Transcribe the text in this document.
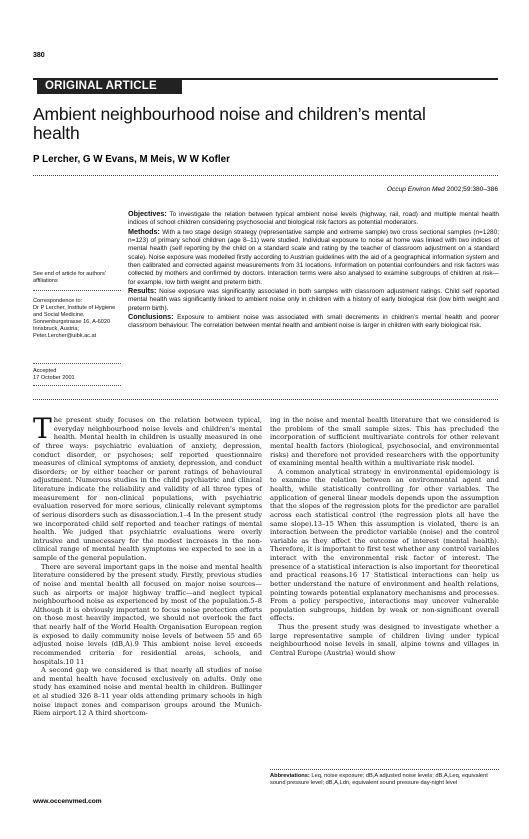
380
ORIGINAL ARTICLE
Ambient neighbourhood noise and children’s mental health
P Lercher, G W Evans, M Meis, W W Kofler
Occup Environ Med 2002;59:380–386

Objectives: To investigate the relation between typical ambient noise levels (highway, rail, road) and multiple mental health indices of school children considering psychosocial and biological risk factors as potential moderators.

Methods: With a two stage design strategy (representative sample and extreme sample) two cross sectional samples (n=1280; n=123) of primary school children (age 8–11) were studied. Individual exposure to noise at home was linked with two indices of mental health (self reporting by the child on a standard scale and rating by the teacher of classroom adjustment on a standard scale). Noise exposure was modelled firstly according to Austrian guidelines with the aid of a geographical information system and then calibrated and corrected against measurements from 31 locations. Information on potential confounders and risk factors was collected by mothers and confirmed by doctors. Interaction terms were also analysed to examine subgroups of children at risk—for example, low birth weight and preterm birth.

Results: Noise exposure was significantly associated in both samples with classroom adjustment ratings. Child self reported mental health was significantly linked to ambient noise only in children with a history of early biological risk (low birth weight and preterm birth).

Conclusions: Exposure to ambient noise was associated with small decrements in children’s mental health and poorer classroom behaviour. The correlation between mental health and ambient noise is larger in children with early biological risk.

See end of article for authors’ affiliations
Correspondence to:
Dr P Lercher, Institute of Hygiene and Social Medicine, Sonnenburgstrasse 16, A-6020 Innsbruck, Austria; Peter.Lercher@uibk.ac.at
Accepted
17 October 2001

The present study focuses on the relation between typical, everyday neighbourhood noise levels and children’s mental health. Mental health in children is usually measured in one of three ways: psychiatric evaluation of anxiety, depression, conduct disorder, or psychoses; self reported questionnaire measures of clinical symptoms of anxiety, depression, and conduct disorders; or by either teacher or parent ratings of behavioural adjustment. Numerous studies in the child psychiatric and clinical literature indicate the reliability and validity of all three types of measurement for non-clinical populations, with psychiatric evaluation reserved for more serious, clinically relevant symptoms of serious disorders such as disassociation.1–4 In the present study we incorporated child self reported and teacher ratings of mental health. We judged that psychiatric evaluations were overly intrusive and unnecessary for the modest increases in the non-clinical range of mental health symptoms we expected to see in a sample of the general population.

There are several important gaps in the noise and mental health literature considered by the present study. Firstly, previous studies of noise and mental health all focused on major noise sources—such as airports or major highway traffic—and neglect typical neighbourhood noise as experienced by most of the population.5–8 Although it is obviously important to focus noise protection efforts on those most heavily impacted, we should not overlook the fact that nearly half of the World Health Organisation European region is exposed to daily community noise levels of between 55 and 65 adjusted noise levels (dB,A).9 This ambient noise level exceeds recommended criteria for residential areas, schools, and hospitals.10 11

A second gap we considered is that nearly all studies of noise and mental health have focused exclusively on adults. Only one study has examined noise and mental health in children. Bullinger et al studied 326 8–11 year olds attending primary schools in high noise impact zones and comparison groups around the Munich-Riem airport.12 A third shortcom-

ing in the noise and mental health literature that we considered is the problem of the small sample sizes. This has precluded the incorporation of sufficient multivariate controls for other relevant mental health factors (biological, psychosocial, and environmental risks) and therefore not provided researchers with the opportunity of examining mental health within a multivariate risk model.

A common analytical strategy in environmental epidemiology is to examine the relation between an environmental agent and health, while statistically controlling for other variables. The application of general linear models depends upon the assumption that the slopes of the regression plots for the predictor are parallel across each statistical control (the regression plots all have the same slope).13–15 When this assumption is violated, there is an interaction between the predictor variable (noise) and the control variable as they affect the outcome of interest (mental health). Therefore, it is important to first test whether any control variables interact with the environmental risk factor of interest. The presence of a statistical interaction is also important for theoretical and practical reasons.16 17 Statistical interactions can help us better understand the nature of environment and health relations, pointing towards potential explanatory mechanisms and processes. From a policy perspective, interactions may uncover vulnerable population subgroups, hidden by weak or non-significant overall effects.

Thus the present study was designed to investigate whether a large representative sample of children living under typical neighbourhood noise levels in small, alpine towns and villages in Central Europe (Austria) would show

Abbreviations: Leq, noise exposure; dB,A adjusted noise levels; dB,A,Leq, equivalent sound pressure level; dB,A,Ldn, equivalent sound pressure day-night level
www.occenvmed.com
